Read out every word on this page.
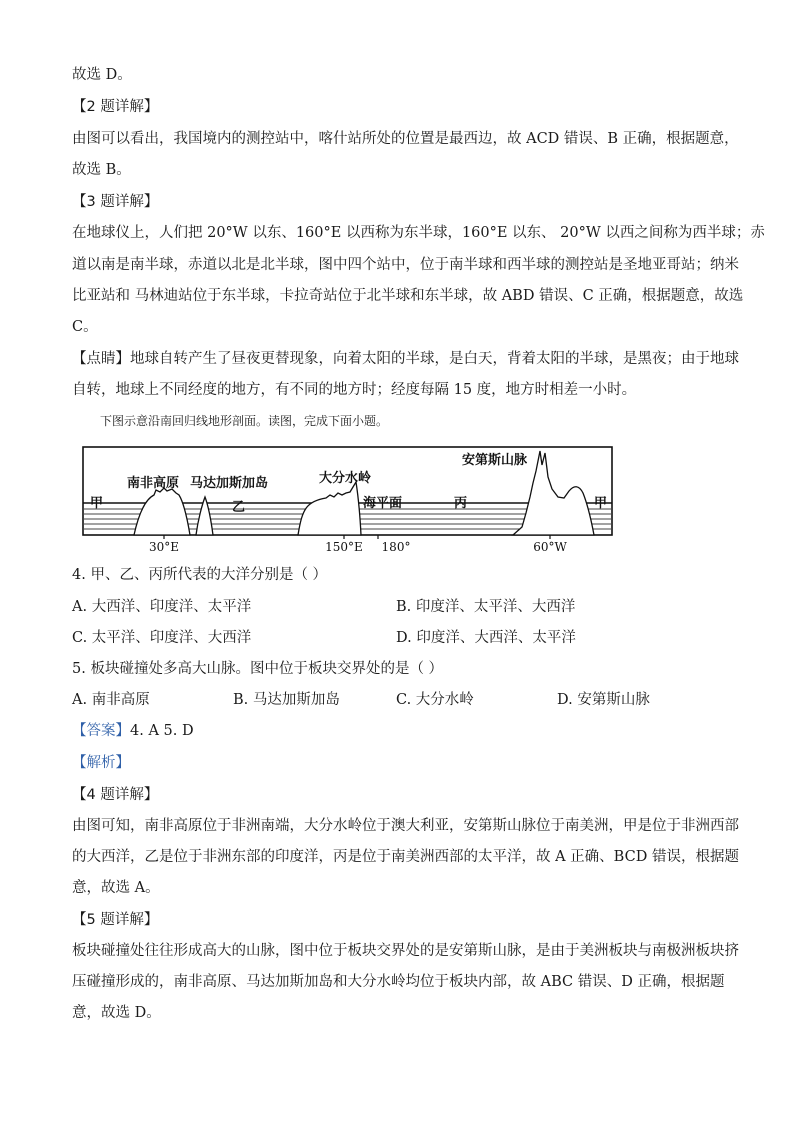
故选 D。
【2 题详解】
由图可以看出，我国境内的测控站中，喀什站所处的位置是最西边，故 ACD 错误、B 正确，根据题意，
故选 B。
【3 题详解】
在地球仪上，人们把 20°W 以东、160°E 以西称为东半球，160°E 以东、 20°W 以西之间称为西半球；赤
道以南是南半球，赤道以北是北半球，图中四个站中，位于南半球和西半球的测控站是圣地亚哥站；纳米
比亚站和 马林迪站位于东半球，卡拉奇站位于北半球和东半球，故 ABD 错误、C 正确，根据题意，故选
C。
【点睛】地球自转产生了昼夜更替现象，向着太阳的半球，是白天，背着太阳的半球，是黑夜；由于地球
自转，地球上不同经度的地方，有不同的地方时；经度每隔 15 度，地方时相差一小时。
下图示意沿南回归线地形剖面。读图，完成下面小题。
甲
南非高原 马达加斯加岛
乙
大分水岭
海平面	丙
安第斯山脉
甲
30°E	150°E 180°	60°W
4. 甲、乙、丙所代表的大洋分别是（ ）
A. 大西洋、印度洋、太平洋	B. 印度洋、太平洋、大西洋
C. 太平洋、印度洋、大西洋	D. 印度洋、大西洋、太平洋
5. 板块碰撞处多高大山脉。图中位于板块交界处的是（ ）
A. 南非高原	B. 马达加斯加岛	C. 大分水岭	D. 安第斯山脉
【答案】4. A 5. D
【解析】
【4 题详解】
由图可知，南非高原位于非洲南端，大分水岭位于澳大利亚，安第斯山脉位于南美洲，甲是位于非洲西部
的大西洋，乙是位于非洲东部的印度洋，丙是位于南美洲西部的太平洋，故 A 正确、BCD 错误，根据题
意，故选 A。
【5 题详解】
板块碰撞处往往形成高大的山脉，图中位于板块交界处的是安第斯山脉，是由于美洲板块与南极洲板块挤
压碰撞形成的，南非高原、马达加斯加岛和大分水岭均位于板块内部，故 ABC 错误、D 正确，根据题
意，故选 D。
